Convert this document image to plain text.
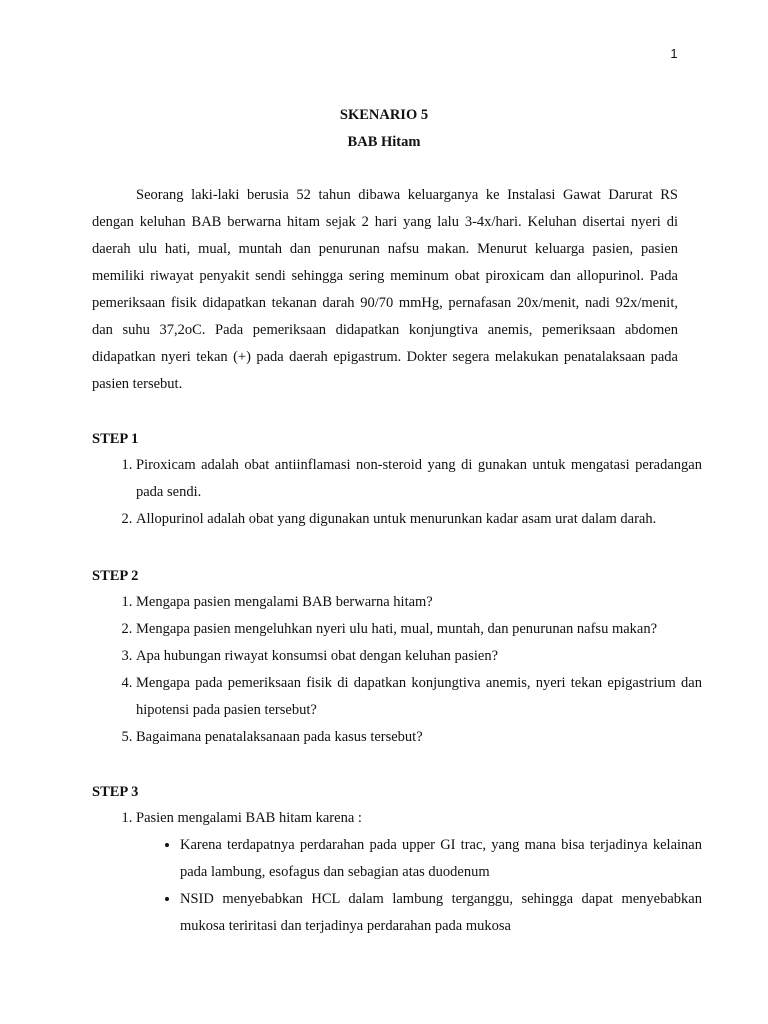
1
SKENARIO 5
BAB Hitam

Seorang laki-laki berusia 52 tahun dibawa keluarganya ke Instalasi Gawat Darurat RS dengan keluhan BAB berwarna hitam sejak 2 hari yang lalu 3-4x/hari. Keluhan disertai nyeri di daerah ulu hati, mual, muntah dan penurunan nafsu makan. Menurut keluarga pasien, pasien memiliki riwayat penyakit sendi sehingga sering meminum obat piroxicam dan allopurinol. Pada pemeriksaan fisik didapatkan tekanan darah 90/70 mmHg, pernafasan 20x/menit, nadi 92x/menit, dan suhu 37,2oC. Pada pemeriksaan didapatkan konjungtiva anemis, pemeriksaan abdomen didapatkan nyeri tekan (+) pada daerah epigastrum. Dokter segera melakukan penatalaksaan pada pasien tersebut.

STEP 1
1. Piroxicam adalah obat antiinflamasi non-steroid yang di gunakan untuk mengatasi peradangan pada sendi.
2. Allopurinol adalah obat yang digunakan untuk menurunkan kadar asam urat dalam darah.
STEP 2
1. Mengapa pasien mengalami BAB berwarna hitam?
2. Mengapa pasien mengeluhkan nyeri ulu hati, mual, muntah, dan penurunan nafsu makan?
3. Apa hubungan riwayat konsumsi obat dengan keluhan pasien?
4. Mengapa pada pemeriksaan fisik di dapatkan konjungtiva anemis, nyeri tekan epigastrium dan hipotensi pada pasien tersebut?
5. Bagaimana penatalaksanaan pada kasus tersebut?
STEP 3
1. Pasien mengalami BAB hitam karena :
• Karena terdapatnya perdarahan pada upper GI trac, yang mana bisa terjadinya kelainan pada lambung, esofagus dan sebagian atas duodenum
• NSID menyebabkan HCL dalam lambung terganggu, sehingga dapat menyebabkan mukosa teriritasi dan terjadinya perdarahan pada mukosa
